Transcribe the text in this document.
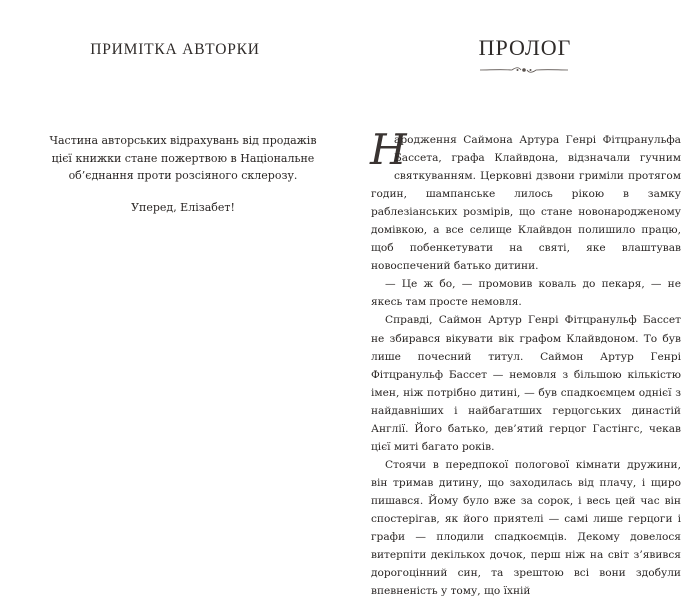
ПРИМІТКА АВТОРКИ

Частина авторських відрахувань від продажів цієї книжки стане пожертвою в Національне об’єднання проти розсіяного склерозу.

Уперед, Елізабет!

ПРОЛОГ

Н
ародження Саймона Артура Генрі Фітцранульфа Бассета, графа Клайвдона, відзначали гучним святкуванням. Церковні дзвони гриміли протягом годин, шампанське лилось рікою в замку раблезіанських розмірів, що стане новонародженому домівкою, а все селище Клайвдон полишило працю, щоб побенкетувати на святі, яке влаштував новоспечений батько дитини.

— Це ж бо, — промовив коваль до пекаря, — не якесь там просте немовля.

Справді, Саймон Артур Генрі Фітцранульф Бассет не збирався вікувати вік графом Клайвдоном. То був лише почесний титул. Саймон Артур Генрі Фітцранульф Бассет — немовля з більшою кількістю імен, ніж потрібно дитині, — був спадкоємцем однієї з найдавніших і найбагатших герцогських династій Англії. Його батько, дев’ятий герцог Гастінгс, чекав цієї миті багато років.

Стоячи в передпокої пологової кімнати дружини, він тримав дитину, що заходилась від плачу, і щиро пишався. Йому було вже за сорок, і весь цей час він спостерігав, як його приятелі — самі лише герцоги і графи — плодили спадкоємців. Декому довелося витерпіти декількох дочок, перш ніж на світ з’явився дорогоцінний син, та зрештою всі вони здобули впевненість у тому, що їхній
